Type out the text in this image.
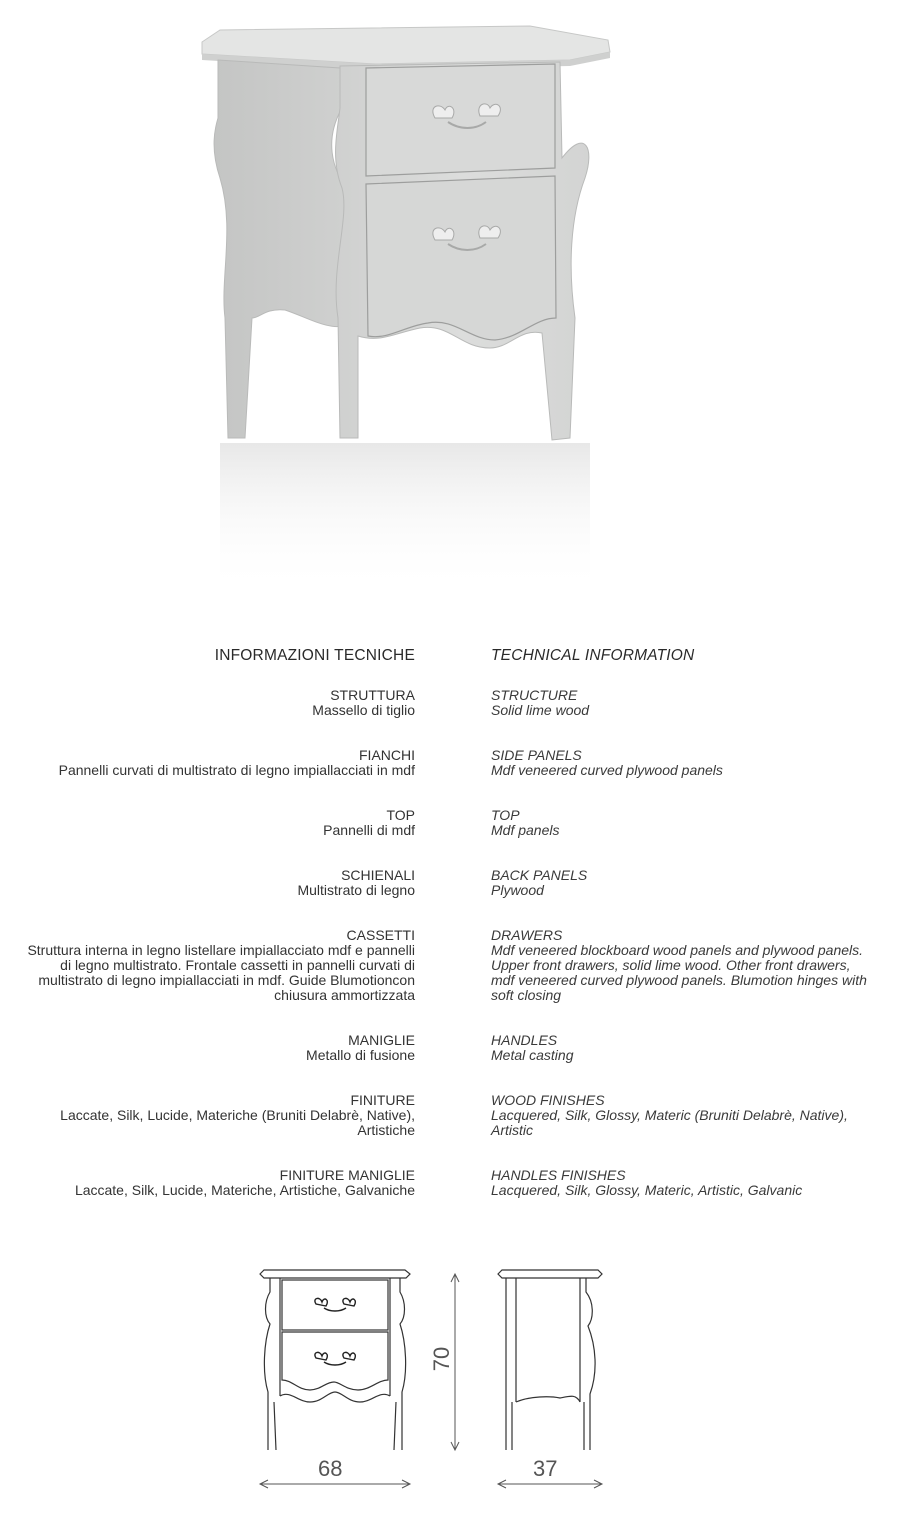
INFORMAZIONI TECNICHE	TECHNICAL INFORMATION
STRUTTURA
Massello di tiglio
FIANCHI
Pannelli curvati di multistrato di legno impiallacciati in mdf
TOP
Pannelli di mdf
SCHIENALI
Multistrato di legno
CASSETTI
Struttura interna in legno listellare impiallacciato mdf e pannelli
di legno multistrato. Frontale cassetti in pannelli curvati di
multistrato di legno impiallacciati in mdf. Guide Blumotioncon
chiusura ammortizzata
MANIGLIE
Metallo di fusione
FINITURE
Laccate, Silk, Lucide, Materiche (Bruniti Delabrè, Native),
Artistiche
FINITURE MANIGLIE
Laccate, Silk, Lucide, Materiche, Artistiche, Galvaniche
STRUCTURE
Solid lime wood
SIDE PANELS
Mdf veneered curved plywood panels
TOP
Mdf panels
BACK PANELS
Plywood
DRAWERS
Mdf veneered blockboard wood panels and plywood panels.
Upper front drawers, solid lime wood. Other front drawers,
mdf veneered curved plywood panels. Blumotion hinges with
soft closing
HANDLES
Metal casting
WOOD FINISHES
Lacquered, Silk, Glossy, Materic (Bruniti Delabrè, Native),
Artistic
HANDLES FINISHES
Lacquered, Silk, Glossy, Materic, Artistic, Galvanic
68	37
70
